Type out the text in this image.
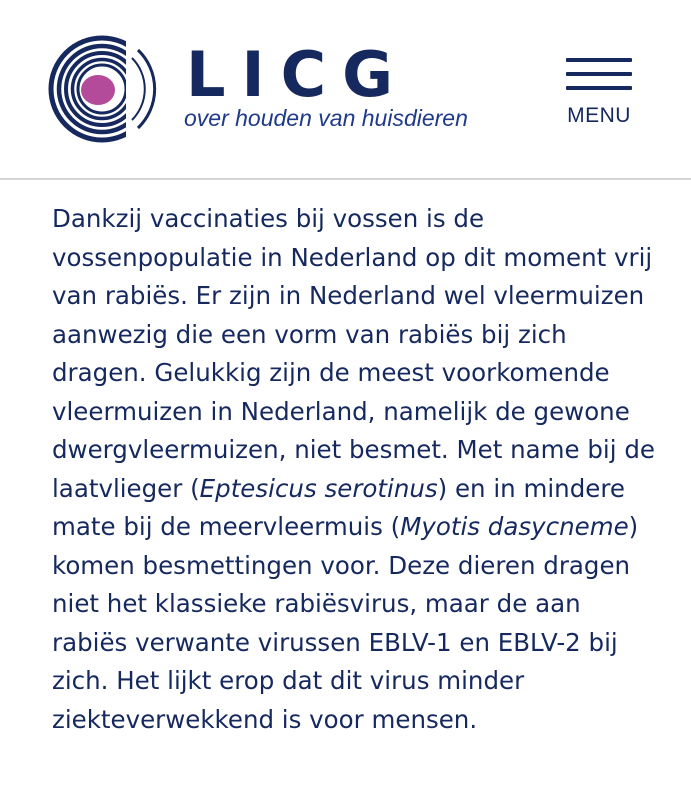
LICG
over houden van huisdieren	MENU

Dankzij vaccinaties bij vossen is de vossenpopulatie in Nederland op dit moment vrij van rabiës. Er zijn in Nederland wel vleermuizen aanwezig die een vorm van rabiës bij zich dragen. Gelukkig zijn de meest voorkomende vleermuizen in Nederland, namelijk de gewone dwergvleermuizen, niet besmet. Met name bij de laatvlieger (Eptesicus serotinus) en in mindere mate bij de meervleermuis (Myotis dasycneme) komen besmettingen voor. Deze dieren dragen niet het klassieke rabiësvirus, maar de aan rabiës verwante virussen EBLV-1 en EBLV-2 bij zich. Het lijkt erop dat dit virus minder ziekteverwekkend is voor mensen.
